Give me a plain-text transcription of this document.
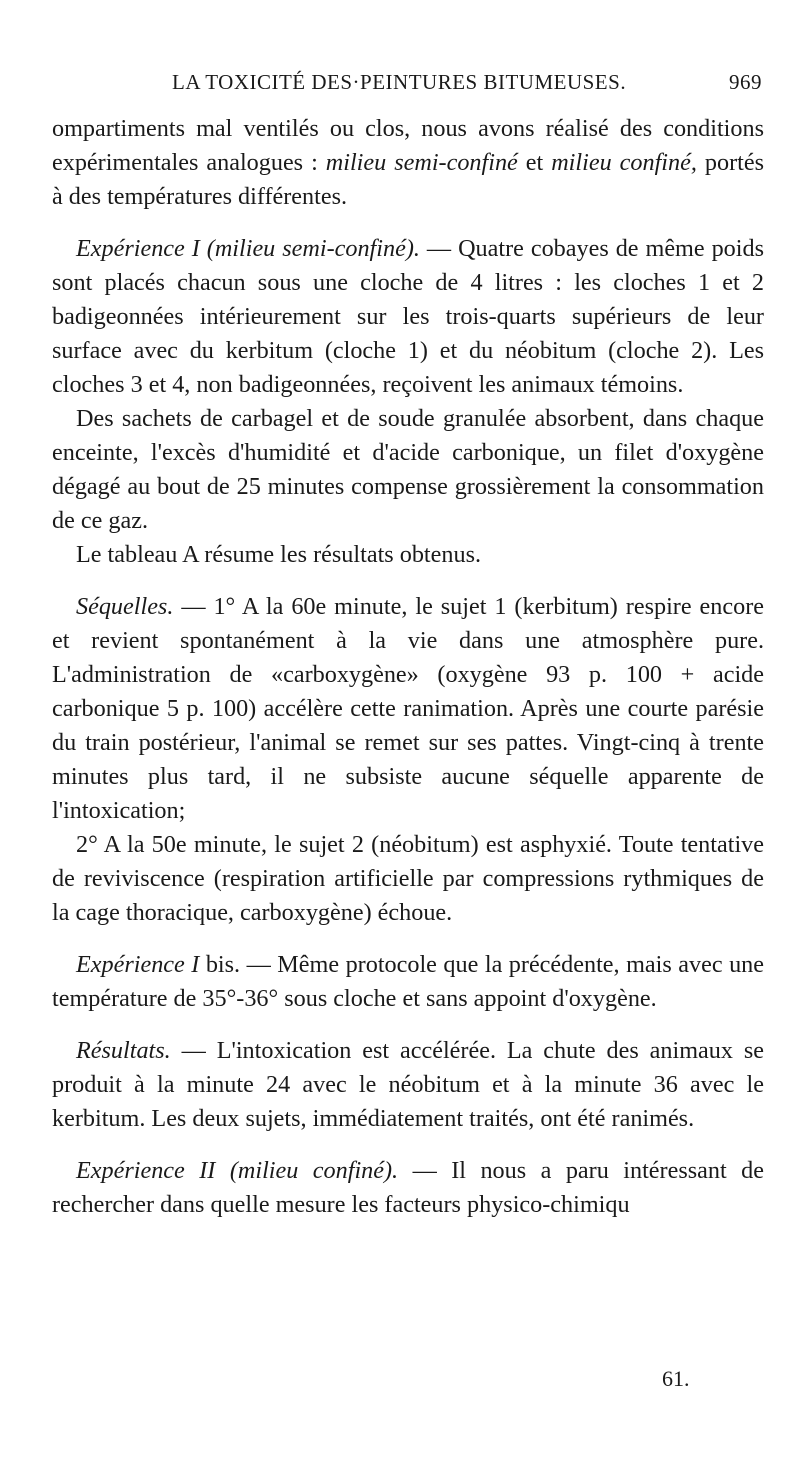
LA TOXICITÉ DES·PEINTURES BITUMEUSES.	969

ompartiments mal ventilés ou clos, nous avons réalisé des conditions expérimentales analogues : milieu semi-confiné et milieu confiné, portés à des températures différentes.

Expérience I (milieu semi-confiné). — Quatre cobayes de même poids sont placés chacun sous une cloche de 4 litres : les cloches 1 et 2 badigeonnées intérieurement sur les trois-quarts supérieurs de leur surface avec du kerbitum (cloche 1) et du néobitum (cloche 2). Les cloches 3 et 4, non badigeonnées, reçoivent les animaux témoins.

Des sachets de carbagel et de soude granulée absorbent, dans chaque enceinte, l'excès d'humidité et d'acide carbonique, un filet d'oxygène dégagé au bout de 25 minutes compense grossièrement la consommation de ce gaz.

Le tableau A résume les résultats obtenus.

Séquelles. — 1° A la 60e minute, le sujet 1 (kerbitum) respire encore et revient spontanément à la vie dans une atmosphère pure. L'administration de «carboxygène» (oxygène 93 p. 100 + acide carbonique 5 p. 100) accélère cette ranimation. Après une courte parésie du train postérieur, l'animal se remet sur ses pattes. Vingt-cinq à trente minutes plus tard, il ne subsiste aucune séquelle apparente de l'intoxication;

2° A la 50e minute, le sujet 2 (néobitum) est asphyxié. Toute tentative de reviviscence (respiration artificielle par compressions rythmiques de la cage thoracique, carboxygène) échoue.

Expérience I bis. — Même protocole que la précédente, mais avec une température de 35°-36° sous cloche et sans appoint d'oxygène.

Résultats. — L'intoxication est accélérée. La chute des animaux se produit à la minute 24 avec le néobitum et à la minute 36 avec le kerbitum. Les deux sujets, immédiatement traités, ont été ranimés.

Expérience II (milieu confiné). — Il nous a paru intéressant de rechercher dans quelle mesure les facteurs physico-chimiqu

61.
